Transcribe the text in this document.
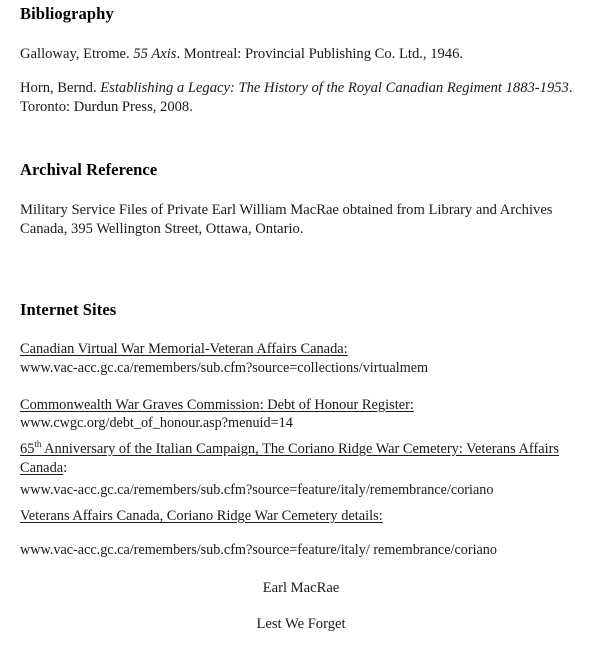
Bibliography

Galloway, Etrome. 55 Axis. Montreal: Provincial Publishing Co. Ltd., 1946.

Horn, Bernd. Establishing a Legacy: The History of the Royal Canadian Regiment 1883-1953. Toronto: Durdun Press, 2008.

Archival Reference

Military Service Files of Private Earl William MacRae obtained from Library and Archives Canada, 395 Wellington Street, Ottawa, Ontario.

Internet Sites

Canadian Virtual War Memorial-Veteran Affairs Canada:

www.vac-acc.gc.ca/remembers/sub.cfm?source=collections/virtualmem

Commonwealth War Graves Commission: Debt of Honour Register:

www.cwgc.org/debt_of_honour.asp?menuid=14

65th Anniversary of the Italian Campaign, The Coriano Ridge War Cemetery: Veterans Affairs Canada:

www.vac-acc.gc.ca/remembers/sub.cfm?source=feature/italy/remembrance/coriano

Veterans Affairs Canada, Coriano Ridge War Cemetery details:

www.vac-acc.gc.ca/remembers/sub.cfm?source=feature/italy/ remembrance/coriano

Earl MacRae

Lest We Forget
